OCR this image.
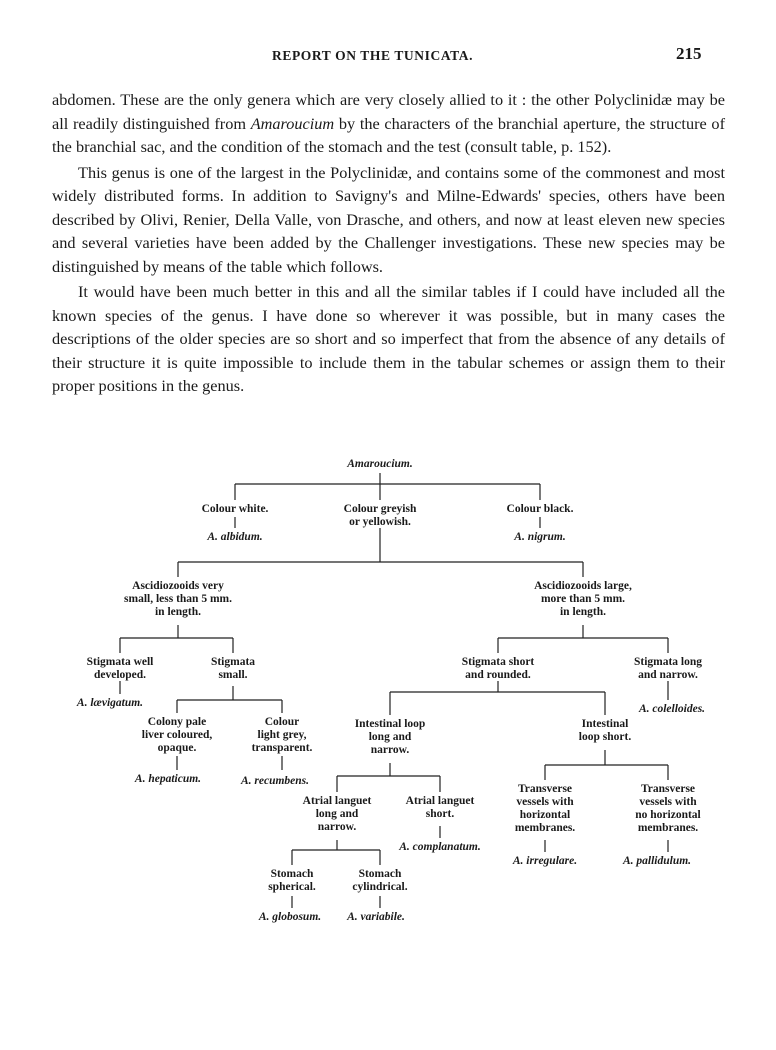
REPORT ON THE TUNICATA.	215

abdomen. These are the only genera which are very closely allied to it : the other Polyclinidæ may be all readily distinguished from Amaroucium by the characters of the branchial aperture, the structure of the branchial sac, and the condition of the stomach and the test (consult table, p. 152).

This genus is one of the largest in the Polyclinidæ, and contains some of the commonest and most widely distributed forms. In addition to Savigny's and Milne-Edwards' species, others have been described by Olivi, Renier, Della Valle, von Drasche, and others, and now at least eleven new species and several varieties have been added by the Challenger investigations. These new species may be distinguished by means of the table which follows.

It would have been much better in this and all the similar tables if I could have included all the known species of the genus. I have done so wherever it was possible, but in many cases the descriptions of the older species are so short and so imperfect that from the absence of any details of their structure it is quite impossible to include them in the tabular schemes or assign them to their proper positions in the genus.

Amaroucium.
Colour white.	Colour greyish
or yellowish.
Colour black.
A. albidum.	A. nigrum.
Ascidiozooids very
small, less than 5 mm.
in length.
Ascidiozooids large,
more than 5 mm.
in length.
Stigmata well
developed.
Stigmata
small.
Stigmata short
and rounded.
Stigmata long
and narrow.
A. lævigatum.	A. colelloides.
Colony pale
liver coloured,
opaque.
Colour
light grey,
transparent.
Intestinal loop
long and
narrow.
Intestinal
loop short.
A. hepaticum.	A. recumbens.
Atrial languet
long and
narrow.
Atrial languet
short.
Transverse
vessels with
horizontal
membranes.
Transverse
vessels with
no horizontal
membranes.
A. complanatum.
A. irregulare.	A. pallidulum.
Stomach
spherical.
Stomach
cylindrical.
A. globosum. A. variabile.
